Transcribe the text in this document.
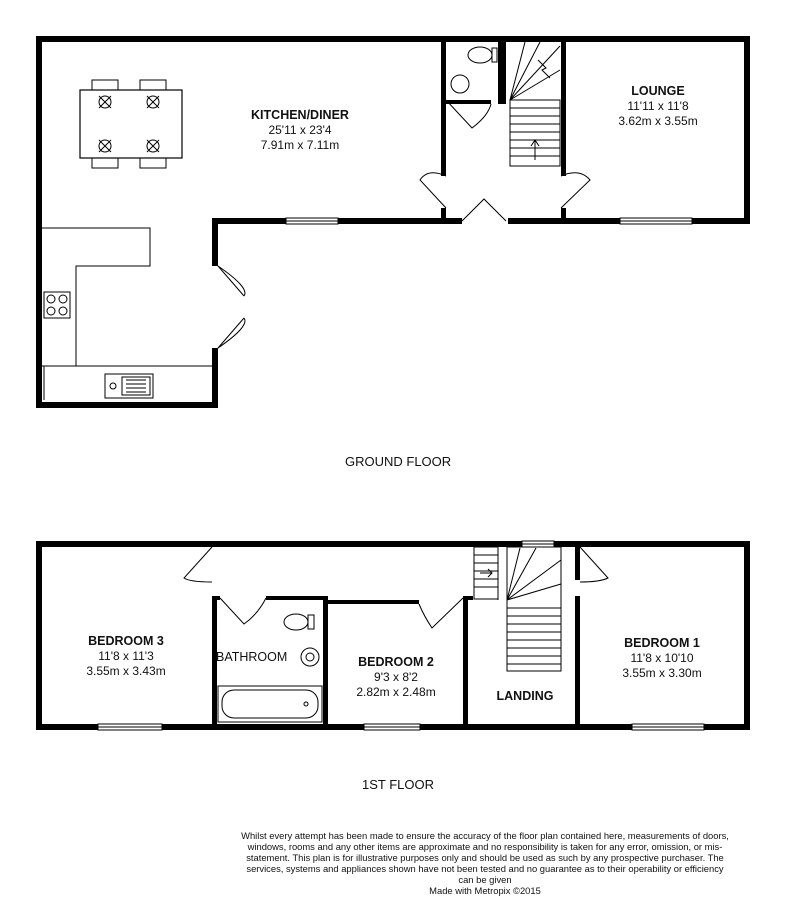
KITCHEN/DINER
25'11 x 23'4
7.91m x 7.11m
LOUNGE
11'11 x 11'8
3.62m x 3.55m
GROUND FLOOR
BEDROOM 3
11'8 x 11'3
3.55m x 3.43m
BATHROOM	BEDROOM 2
9'3 x 8'2
2.82m x 2.48m	LANDING
BEDROOM 1
11'8 x 10'10
3.55m x 3.30m
1ST FLOOR
Whilst every attempt has been made to ensure the accuracy of the floor plan contained here, measurements of doors, windows, rooms and any other items are approximate and no responsibility is taken for any error, omission, or mis-statement. This plan is for illustrative purposes only and should be used as such by any prospective purchaser. The services, systems and appliances shown have not been tested and no guarantee as to their operability or efficiency can be given
Made with Metropix ©2015
